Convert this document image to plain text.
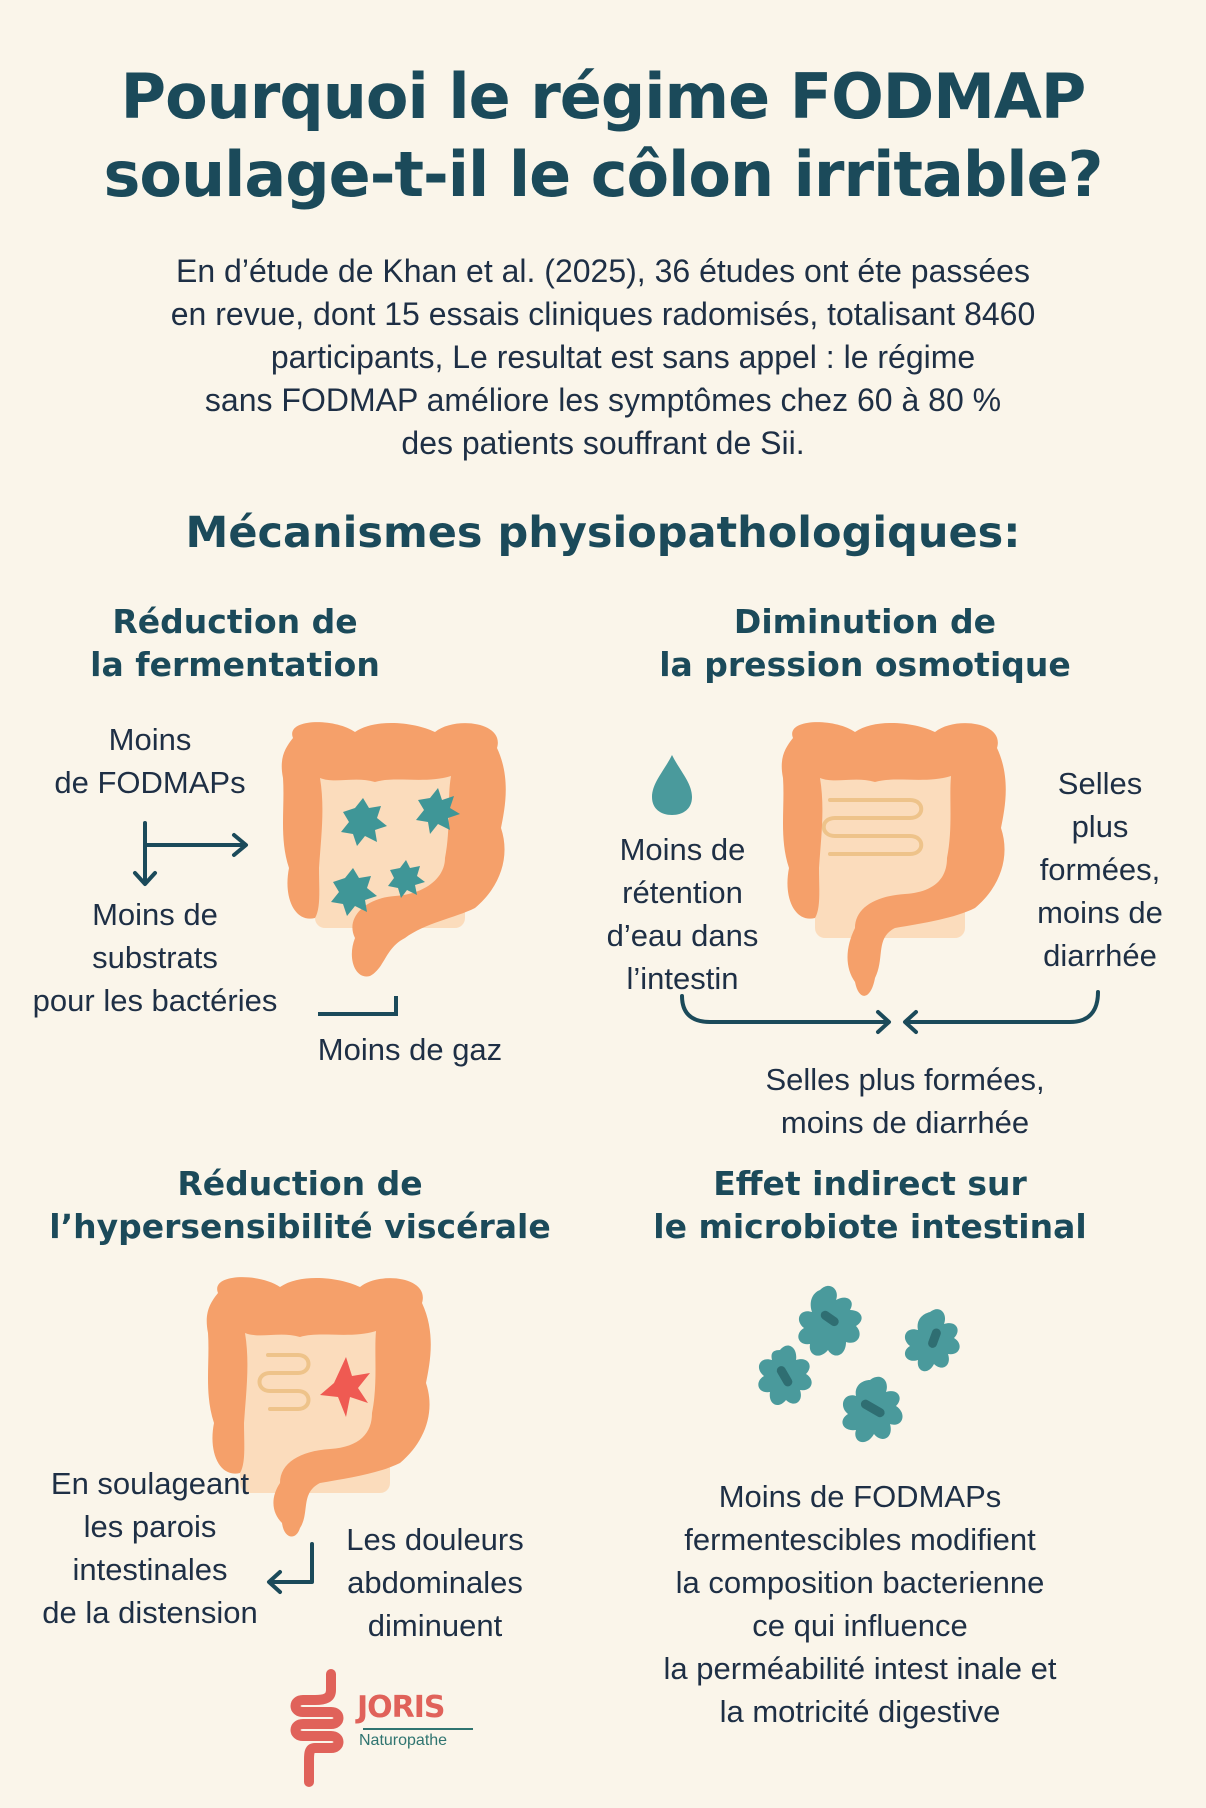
Pourquoi le régime FODMAP
soulage-t-il le côlon irritable?
En d’étude de Khan et al. (2025), 36 études ont éte passées
en revue, dont 15 essais cliniques radomisés, totalisant 8460
participants, Le resultat est sans appel : le régime
sans FODMAP améliore les symptômes chez 60 à 80 %
des patients souffrant de Sii.
Mécanismes physiopathologiques:
Réduction de
la fermentation
Moins
de FODMAPs
Moins de
substrats
pour les bactéries
Moins de gaz
Diminution de
la pression osmotique
Moins de
rétention
d’eau dans
l’intestin
Selles
plus
formées,
moins de
diarrhée
Selles plus formées,
moins de diarrhée
Réduction de
l’hypersensibilité viscérale
En soulageant
les parois
intestinales
de la distension
Les douleurs
abdominales
diminuent
Effet indirect sur
le microbiote intestinal
Moins de FODMAPs
fermentescibles modifient
la composition bacterienne
ce qui influence
la perméabilité intest inale et
la motricité digestive
JORIS
Naturopathe
